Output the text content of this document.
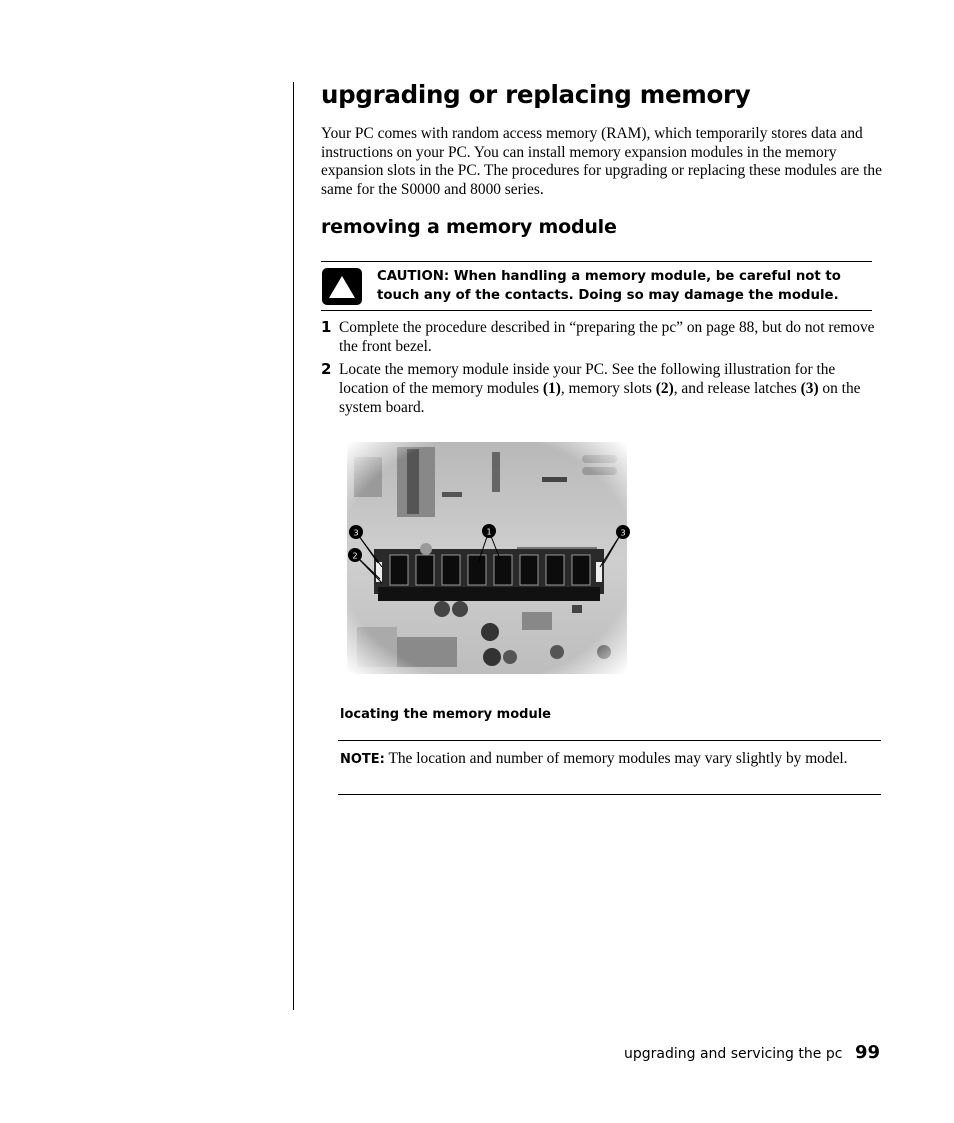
upgrading or replacing memory

Your PC comes with random access memory (RAM), which temporarily stores data and instructions on your PC. You can install memory expansion modules in the memory expansion slots in the PC. The procedures for upgrading or replacing these modules are the same for the S0000 and 8000 series.

removing a memory module
CAUTION: When handling a memory module, be careful not to touch any of the contacts. Doing so may damage the module.
1 Complete the procedure described in “preparing the pc” on page 88, but do not remove the front bezel.

2 Locate the memory module inside your PC. See the following illustration for the location of the memory modules (1), memory slots (2), and release latches (3) on the system board.

1
3
2
3

locating the memory module

NOTE: The location and number of memory modules may vary slightly by model.

upgrading and servicing the pc 99
